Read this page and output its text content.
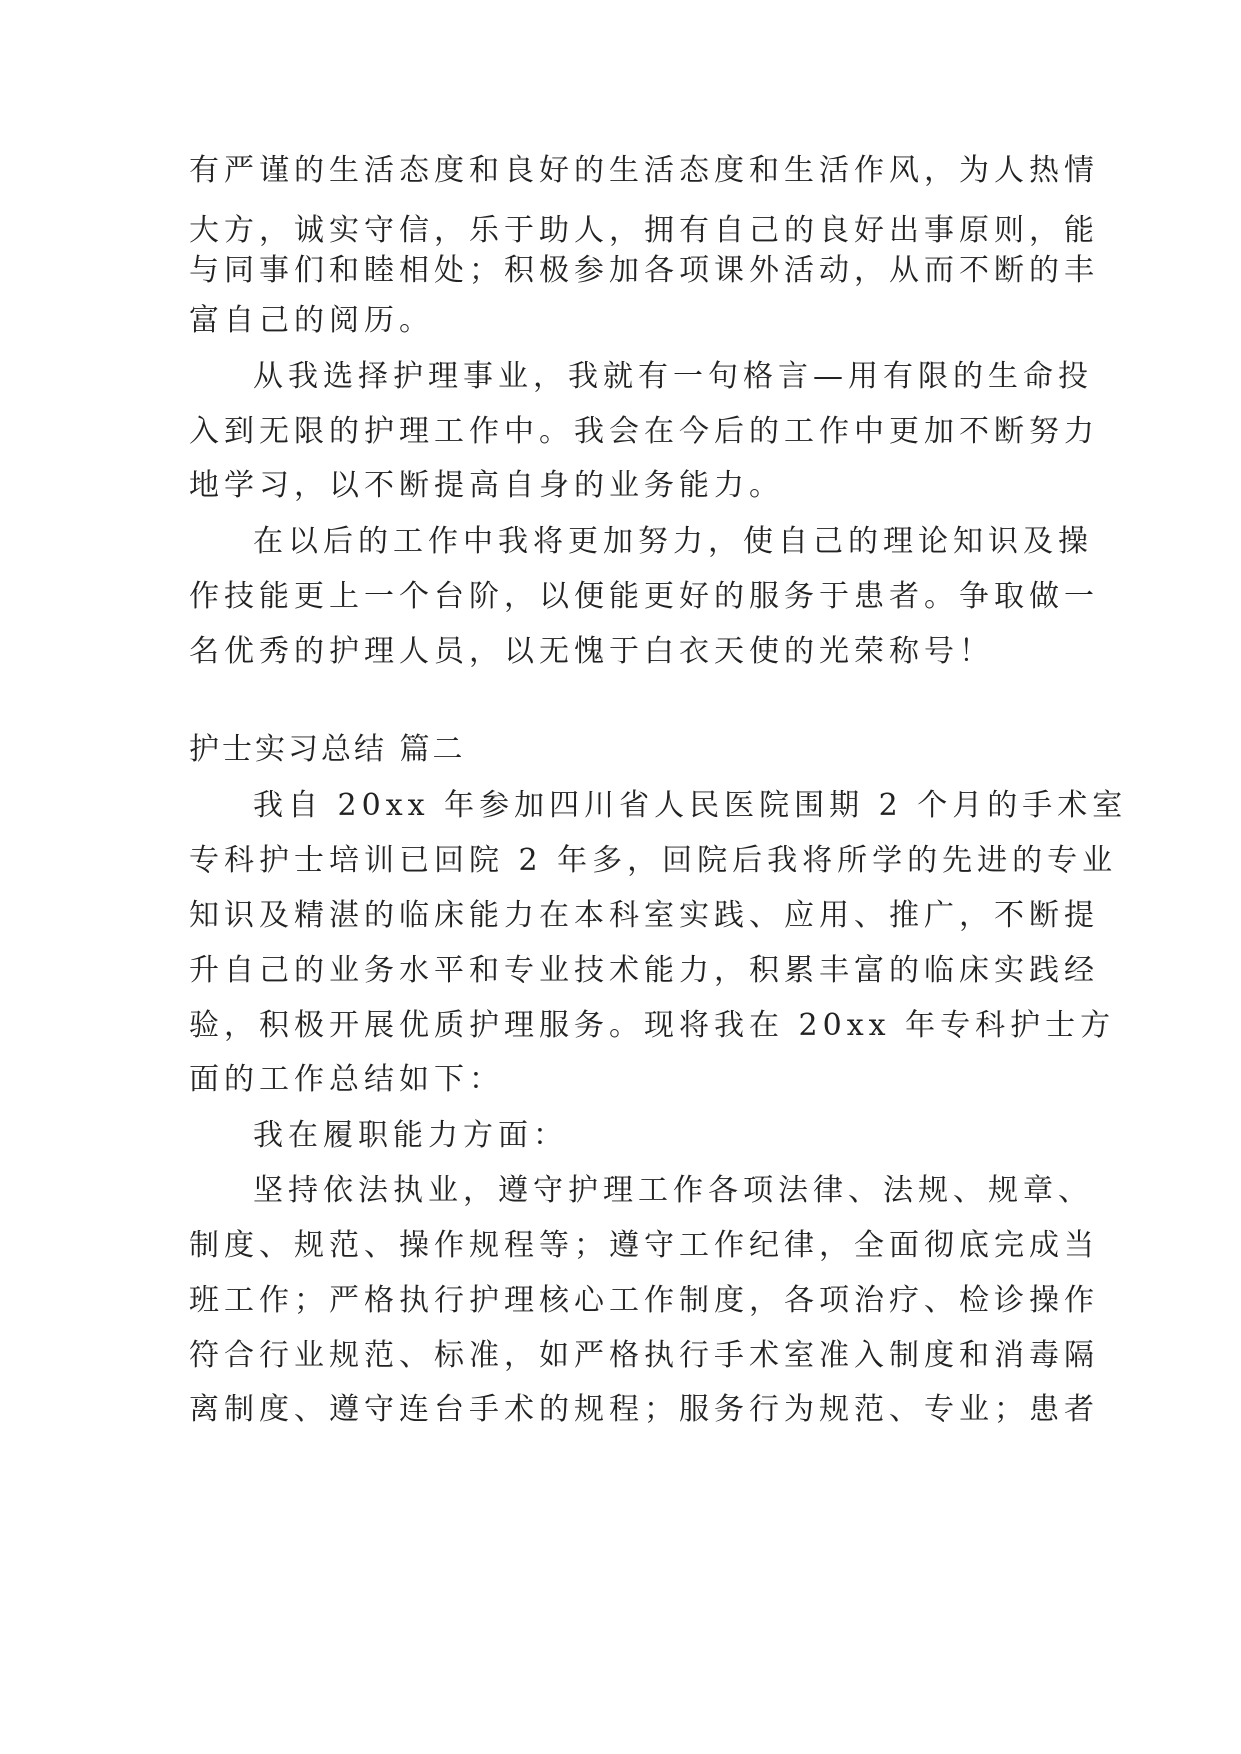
有严谨的生活态度和良好的生活态度和生活作风，为人热情
大方，诚实守信，乐于助人，拥有自己的良好出事原则，能
与同事们和睦相处；积极参加各项课外活动，从而不断的丰
富自己的阅历。
从我选择护理事业，我就有一句格言—用有限的生命投
入到无限的护理工作中。我会在今后的工作中更加不断努力
地学习，以不断提高自身的业务能力。
在以后的工作中我将更加努力，使自己的理论知识及操
作技能更上一个台阶，以便能更好的服务于患者。争取做一
名优秀的护理人员，以无愧于白衣天使的光荣称号！
护士实习总结 篇二
我自 20xx 年参加四川省人民医院围期 2 个月的手术室
专科护士培训已回院 2 年多，回院后我将所学的先进的专业
知识及精湛的临床能力在本科室实践、应用、推广，不断提
升自己的业务水平和专业技术能力，积累丰富的临床实践经
验，积极开展优质护理服务。现将我在 20xx 年专科护士方
面的工作总结如下：
我在履职能力方面：
坚持依法执业，遵守护理工作各项法律、法规、规章、
制度、规范、操作规程等；遵守工作纪律，全面彻底完成当
班工作；严格执行护理核心工作制度，各项治疗、检诊操作
符合行业规范、标准，如严格执行手术室准入制度和消毒隔
离制度、遵守连台手术的规程；服务行为规范、专业；患者
